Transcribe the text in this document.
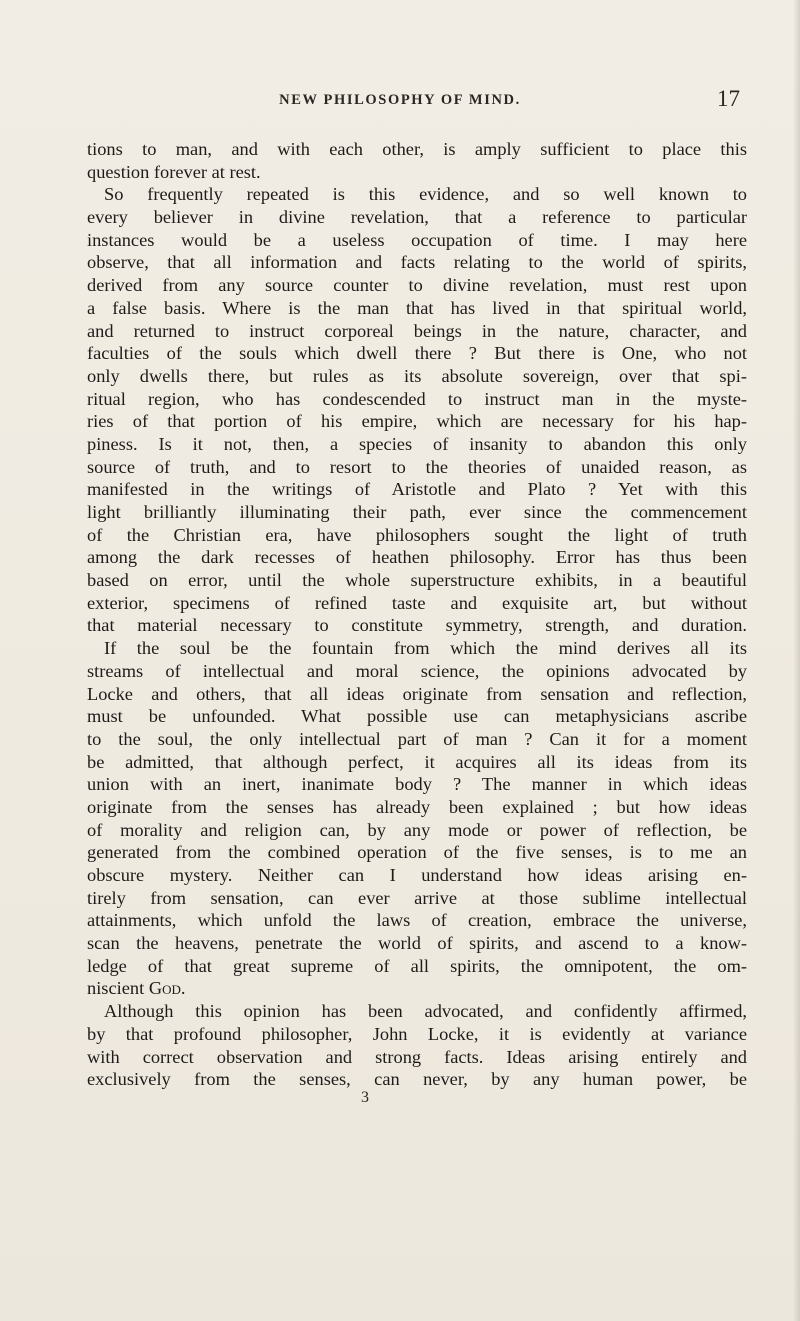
NEW PHILOSOPHY OF MIND.	17
tions to man, and with each other, is amply sufficient to place this
question forever at rest.
So frequently repeated is this evidence, and so well known to
every believer in divine revelation, that a reference to particular
instances would be a useless occupation of time. I may here
observe, that all information and facts relating to the world of spirits,
derived from any source counter to divine revelation, must rest upon
a false basis. Where is the man that has lived in that spiritual world,
and returned to instruct corporeal beings in the nature, character, and
faculties of the souls which dwell there ? But there is One, who not
only dwells there, but rules as its absolute sovereign, over that spi-
ritual region, who has condescended to instruct man in the myste-
ries of that portion of his empire, which are necessary for his hap-
piness. Is it not, then, a species of insanity to abandon this only
source of truth, and to resort to the theories of unaided reason, as
manifested in the writings of Aristotle and Plato ? Yet with this
light brilliantly illuminating their path, ever since the commencement
of the Christian era, have philosophers sought the light of truth
among the dark recesses of heathen philosophy. Error has thus been
based on error, until the whole superstructure exhibits, in a beautiful
exterior, specimens of refined taste and exquisite art, but without
that material necessary to constitute symmetry, strength, and duration.
If the soul be the fountain from which the mind derives all its
streams of intellectual and moral science, the opinions advocated by
Locke and others, that all ideas originate from sensation and reflection,
must be unfounded. What possible use can metaphysicians ascribe
to the soul, the only intellectual part of man ? Can it for a moment
be admitted, that although perfect, it acquires all its ideas from its
union with an inert, inanimate body ? The manner in which ideas
originate from the senses has already been explained ; but how ideas
of morality and religion can, by any mode or power of reflection, be
generated from the combined operation of the five senses, is to me an
obscure mystery. Neither can I understand how ideas arising en-
tirely from sensation, can ever arrive at those sublime intellectual
attainments, which unfold the laws of creation, embrace the universe,
scan the heavens, penetrate the world of spirits, and ascend to a know-
ledge of that great supreme of all spirits, the omnipotent, the om-
niscient God.
Although this opinion has been advocated, and confidently affirmed,
by that profound philosopher, John Locke, it is evidently at variance
with correct observation and strong facts. Ideas arising entirely and
exclusively from the senses, can never, by any human power, be
3
